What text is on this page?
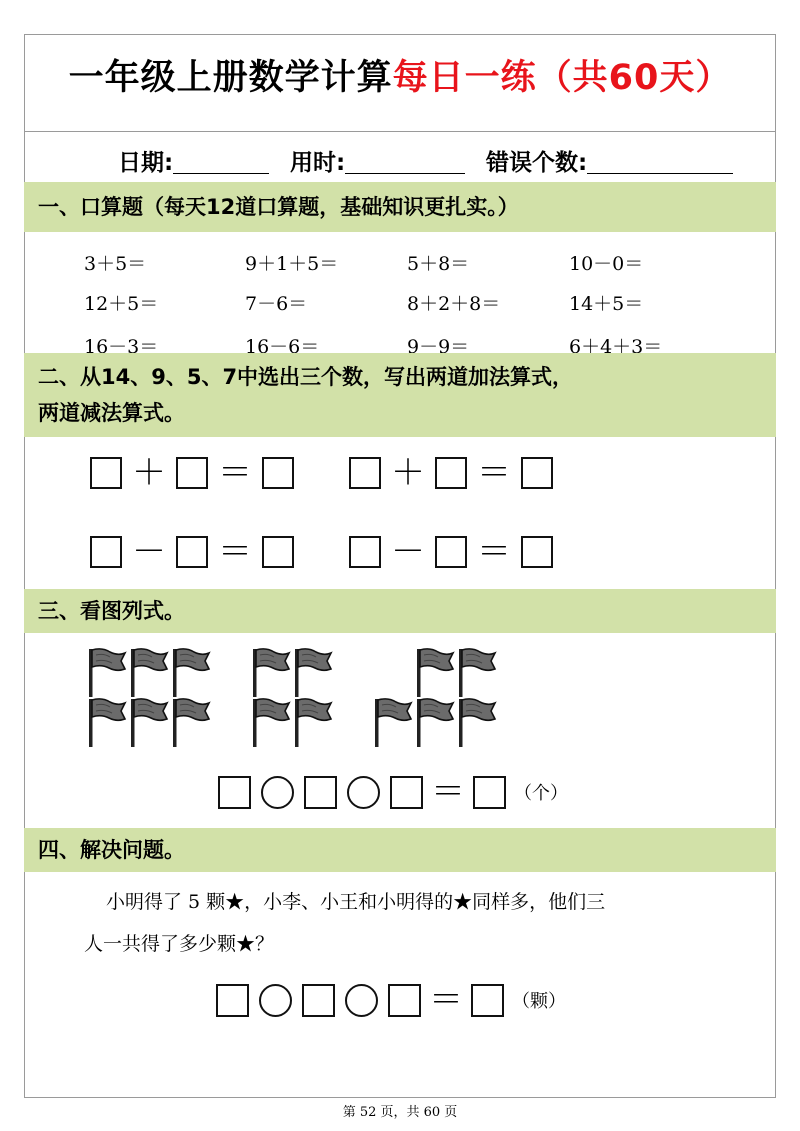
一年级上册数学计算每日一练（共60天）
日期:	用时:	错误个数:
一、口算题（每天12道口算题，基础知识更扎实。）
3＋5＝	9＋1＋5＝	5＋8＝	10－0＝
12＋5＝	7－6＝	8＋2＋8＝	14＋5＝
16－3＝	16－6＝	9－9＝	6＋4＋3＝
二、从14、9、5、7中选出三个数，写出两道加法算式，
两道减法算式。
＋ ＝	＋ ＝
－ ＝	－ ＝
三、看图列式。
＝	（个）
四、解决问题。
小明得了 5 颗★，小李、小王和小明得的★同样多，他们三
人一共得了多少颗★？
＝	（颗）
第 52 页，共 60 页
